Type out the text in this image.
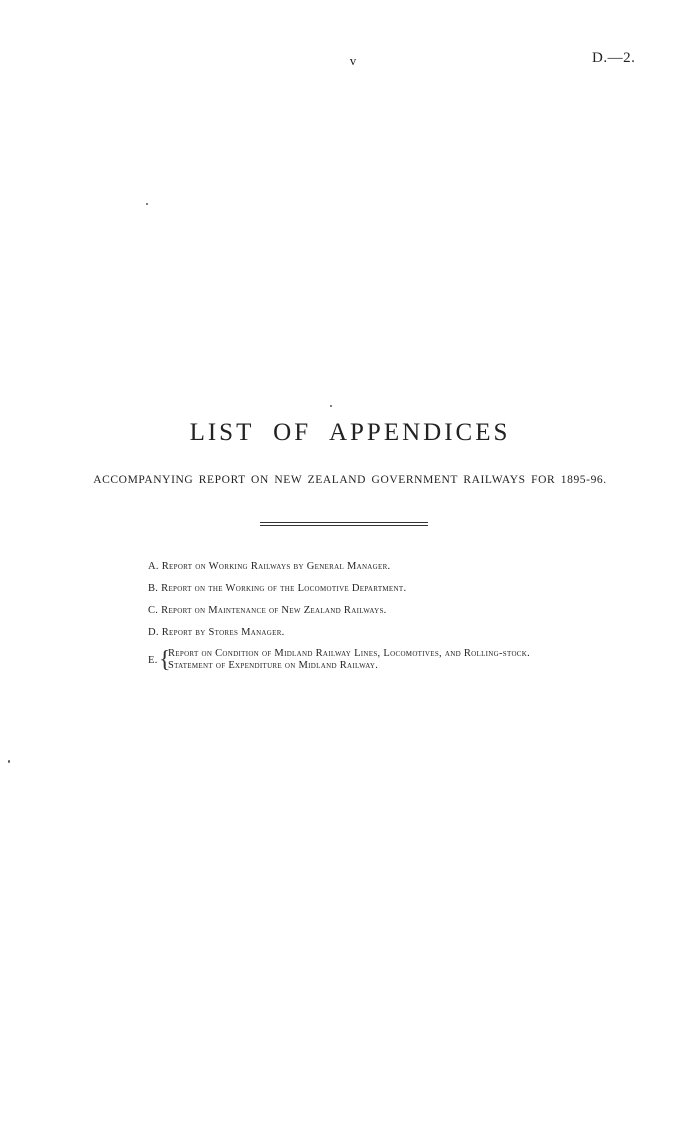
v	D.—2.
LIST OF APPENDICES
ACCOMPANYING REPORT ON NEW ZEALAND GOVERNMENT RAILWAYS FOR 1895-96.
A. Report on Working Railways by General Manager.
B. Report on the Working of the Locomotive Department.
C. Report on Maintenance of New Zealand Railways.
D. Report by Stores Manager.
E. {
Report on Condition of Midland Railway Lines, Locomotives, and Rolling-stock.
Statement of Expenditure on Midland Railway.
